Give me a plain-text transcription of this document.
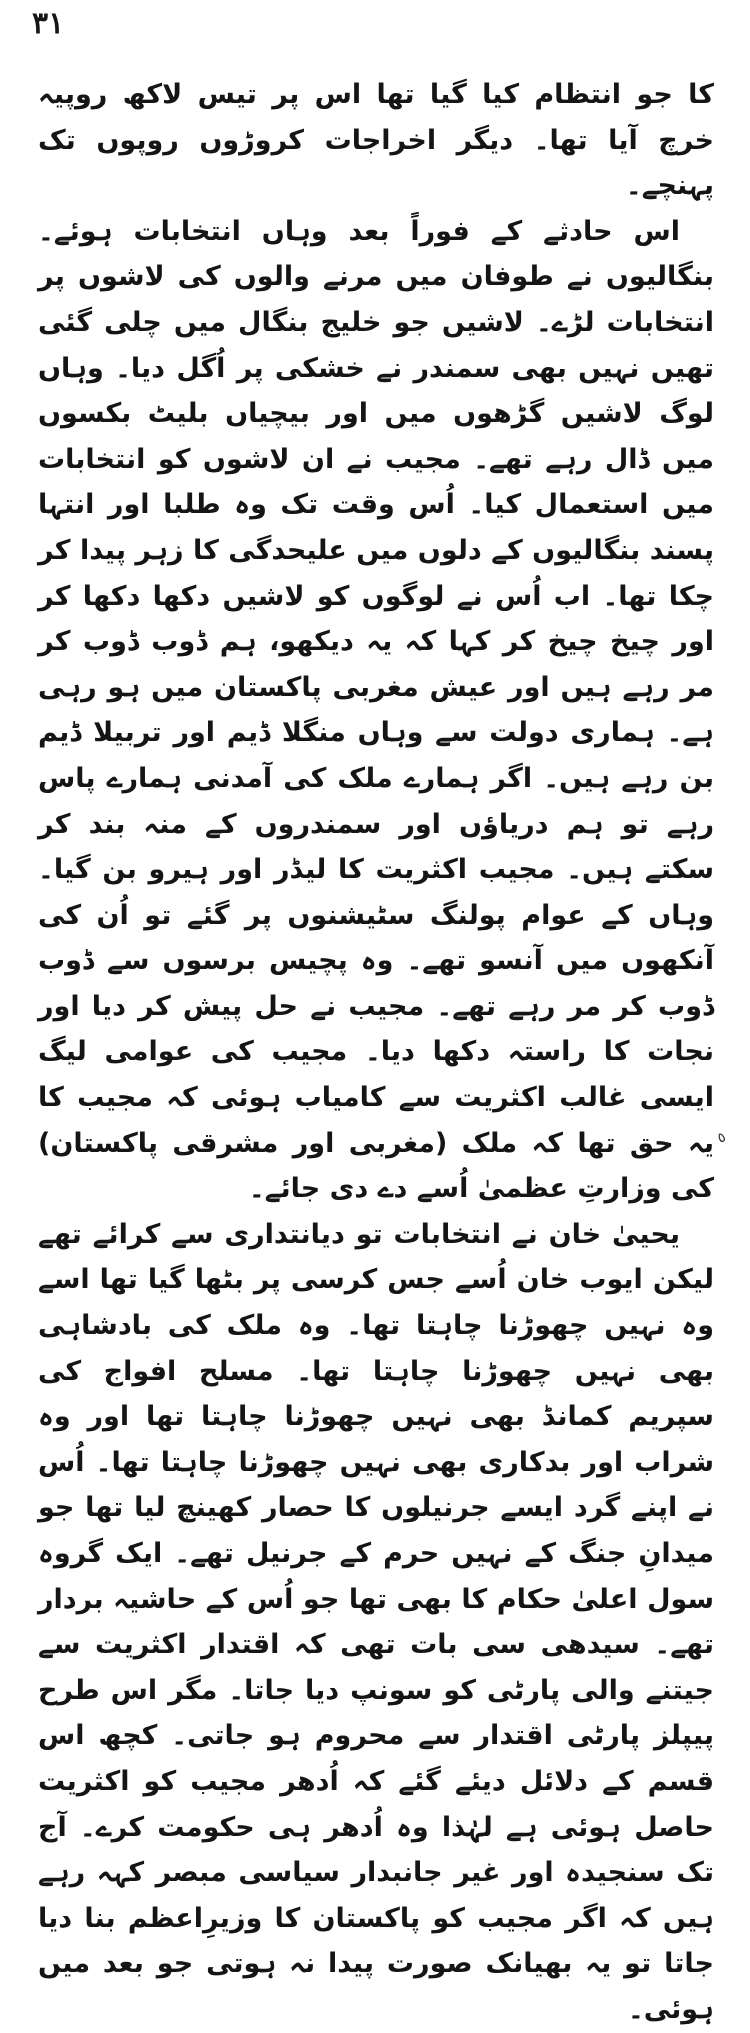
۳۱

کا جو انتظام کیا گیا تھا اس پر تیس لاکھ روپیہ خرچ آیا تھا۔ دیگر اخراجات کروڑوں روپوں تک پہنچے۔

اس حادثے کے فوراً بعد وہاں انتخابات ہوئے۔ بنگالیوں نے طوفان میں مرنے والوں کی لاشوں پر انتخابات لڑے۔ لاشیں جو خلیج بنگال میں چلی گئی تھیں نہیں بھی سمندر نے خشکی پر اُگل دیا۔ وہاں لوگ لاشیں گڑھوں میں اور بیچیاں بلیٹ بکسوں میں ڈال رہے تھے۔ مجیب نے ان لاشوں کو انتخابات میں استعمال کیا۔ اُس وقت تک وہ طلبا اور انتہا پسند بنگالیوں کے دلوں میں علیحدگی کا زہر پیدا کر چکا تھا۔ اب اُس نے لوگوں کو لاشیں دکھا دکھا کر اور چیخ چیخ کر کہا کہ یہ دیکھو، ہم ڈوب ڈوب کر مر رہے ہیں اور عیش مغربی پاکستان میں ہو رہی ہے۔ ہماری دولت سے وہاں منگلا ڈیم اور تربیلا ڈیم بن رہے ہیں۔ اگر ہمارے ملک کی آمدنی ہمارے پاس رہے تو ہم دریاؤں اور سمندروں کے منہ بند کر سکتے ہیں۔ مجیب اکثریت کا لیڈر اور ہیرو بن گیا۔ وہاں کے عوام پولنگ سٹیشنوں پر گئے تو اُن کی آنکھوں میں آنسو تھے۔ وہ پچیس برسوں سے ڈوب ڈوب کر مر رہے تھے۔ مجیب نے حل پیش کر دیا اور نجات کا راستہ دکھا دیا۔ مجیب کی عوامی لیگ ایسی غالب اکثریت سے کامیاب ہوئی کہ مجیب کا یہ حق تھا کہ ملک (مغربی اور مشرقی پاکستان) کی وزارتِ عظمیٰ اُسے دے دی جائے۔

یحییٰ خان نے انتخابات تو دیانتداری سے کرائے تھے لیکن ایوب خان اُسے جس کرسی پر بٹھا گیا تھا اسے وہ نہیں چھوڑنا چاہتا تھا۔ وہ ملک کی بادشاہی بھی نہیں چھوڑنا چاہتا تھا۔ مسلح افواج کی سپریم کمانڈ بھی نہیں چھوڑنا چاہتا تھا اور وہ شراب اور بدکاری بھی نہیں چھوڑنا چاہتا تھا۔ اُس نے اپنے گرد ایسے جرنیلوں کا حصار کھینچ لیا تھا جو میدانِ جنگ کے نہیں حرم کے جرنیل تھے۔ ایک گروہ سول اعلیٰ حکام کا بھی تھا جو اُس کے حاشیہ بردار تھے۔ سیدھی سی بات تھی کہ اقتدار اکثریت سے جیتنے والی پارٹی کو سونپ دیا جاتا۔ مگر اس طرح پیپلز پارٹی اقتدار سے محروم ہو جاتی۔ کچھ اس قسم کے دلائل دیئے گئے کہ اُدھر مجیب کو اکثریت حاصل ہوئی ہے لہٰذا وہ اُدھر ہی حکومت کرے۔ آج تک سنجیدہ اور غیر جانبدار سیاسی مبصر کہہ رہے ہیں کہ اگر مجیب کو پاکستان کا وزیرِاعظم بنا دیا جاتا تو یہ بھیانک صورت پیدا نہ ہوتی جو بعد میں ہوئی۔

٥
